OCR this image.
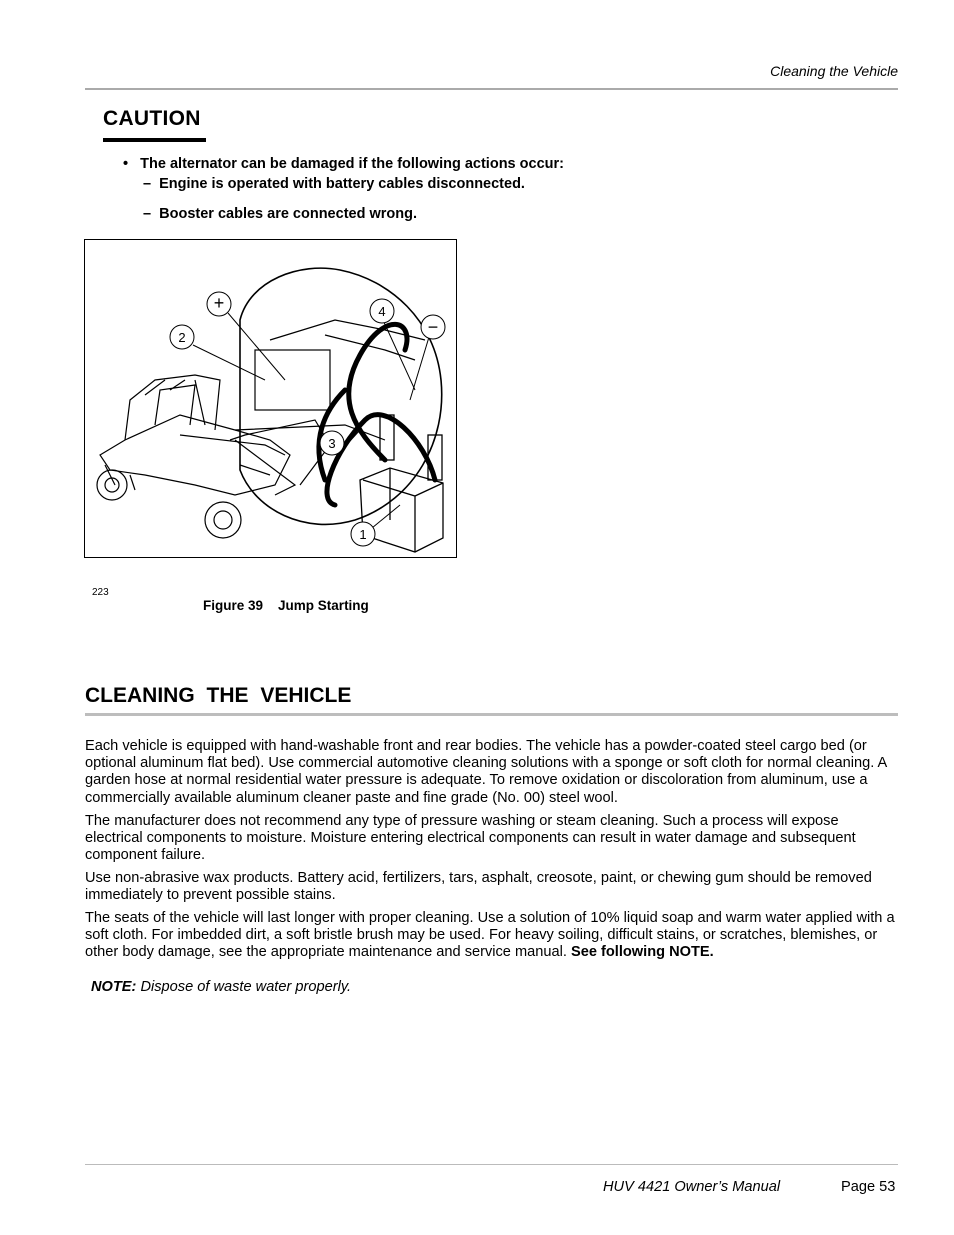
Cleaning the Vehicle
CAUTION
• The alternator can be damaged if the following actions occur:
– Engine is operated with battery cables disconnected.
– Booster cables are connected wrong.
+
2
4
−
3
1
223
Figure 39 Jump Starting
CLEANING THE VEHICLE
Each vehicle is equipped with hand-washable front and rear bodies. The vehicle has a powder-coated steel cargo bed (or optional aluminum flat bed). Use commercial automotive cleaning solutions with a sponge or soft cloth for normal cleaning. A garden hose at normal residential water pressure is adequate. To remove oxidation or discoloration from aluminum, use a commercially available aluminum cleaner paste and fine grade (No. 00) steel wool.
The manufacturer does not recommend any type of pressure washing or steam cleaning. Such a process will expose electrical components to moisture. Moisture entering electrical components can result in water damage and subsequent component failure.
Use non-abrasive wax products. Battery acid, fertilizers, tars, asphalt, creosote, paint, or chewing gum should be removed immediately to prevent possible stains.
The seats of the vehicle will last longer with proper cleaning. Use a solution of 10% liquid soap and warm water applied with a soft cloth. For imbedded dirt, a soft bristle brush may be used. For heavy soiling, difficult stains, or scratches, blemishes, or other body damage, see the appropriate maintenance and service manual. See following NOTE.
NOTE: Dispose of waste water properly.
HUV 4421 Owner’s Manual	Page 53
